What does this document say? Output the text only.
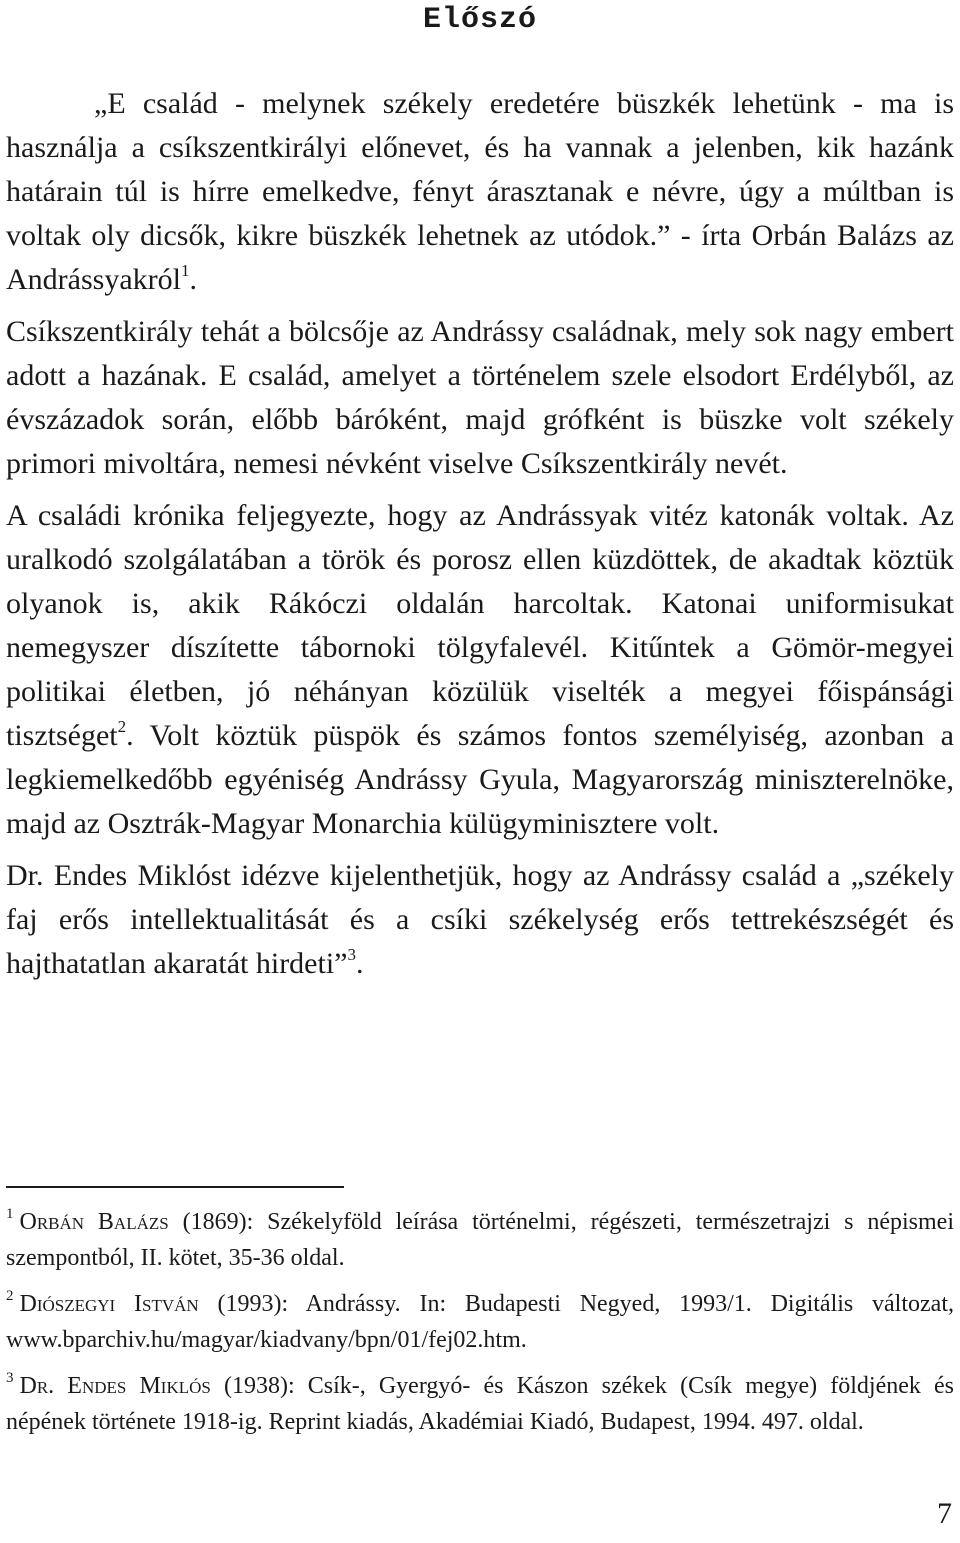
Előszó

„E család - melynek székely eredetére büszkék lehetünk - ma is használja a csíkszentkirályi előnevet, és ha vannak a jelenben, kik hazánk határain túl is hírre emelkedve, fényt árasztanak e névre, úgy a múltban is voltak oly dicsők, kikre büszkék lehetnek az utódok.” - írta Orbán Balázs az Andrássyakról$^1$.

Csíkszentkirály tehát a bölcsője az Andrássy családnak, mely sok nagy embert adott a hazának. E család, amelyet a történelem szele elsodort Erdélyből, az évszázadok során, előbb báróként, majd grófként is büszke volt székely primori mivoltára, nemesi névként viselve Csíkszentkirály nevét.

A családi krónika feljegyezte, hogy az Andrássyak vitéz katonák voltak. Az uralkodó szolgálatában a török és porosz ellen küzdöttek, de akadtak köztük olyanok is, akik Rákóczi oldalán harcoltak. Katonai uniformisukat nemegyszer díszítette tábornoki tölgyfalevél. Kitűntek a Gömör-megyei politikai életben, jó néhányan közülük viselték a megyei főispánsági tisztséget$^2$. Volt köztük püspök és számos fontos személyiség, azonban a legkiemelkedőbb egyéniség Andrássy Gyula, Magyarország miniszterelnöke, majd az Osztrák-Magyar Monarchia külügyminisztere volt.

Dr. Endes Miklóst idézve kijelenthetjük, hogy az Andrássy család a „székely faj erős intellektualitását és a csíki székelység erős tettrekészségét és hajthatatlan akaratát hirdeti”$^3$.

$^1$ Orbán Balázs (1869): Székelyföld leírása történelmi, régészeti, természetrajzi s népismei szempontból, II. kötet, 35-36 oldal.

$^2$ Diószegyi István (1993): Andrássy. In: Budapesti Negyed, 1993/1. Digitális változat, www.bparchiv.hu/magyar/kiadvany/bpn/01/fej02.htm.

$^3$ Dr. Endes Miklós (1938): Csík-, Gyergyó- és Kászon székek (Csík megye) földjének és népének története 1918-ig. Reprint kiadás, Akadémiai Kiadó, Budapest, 1994. 497. oldal.

7
